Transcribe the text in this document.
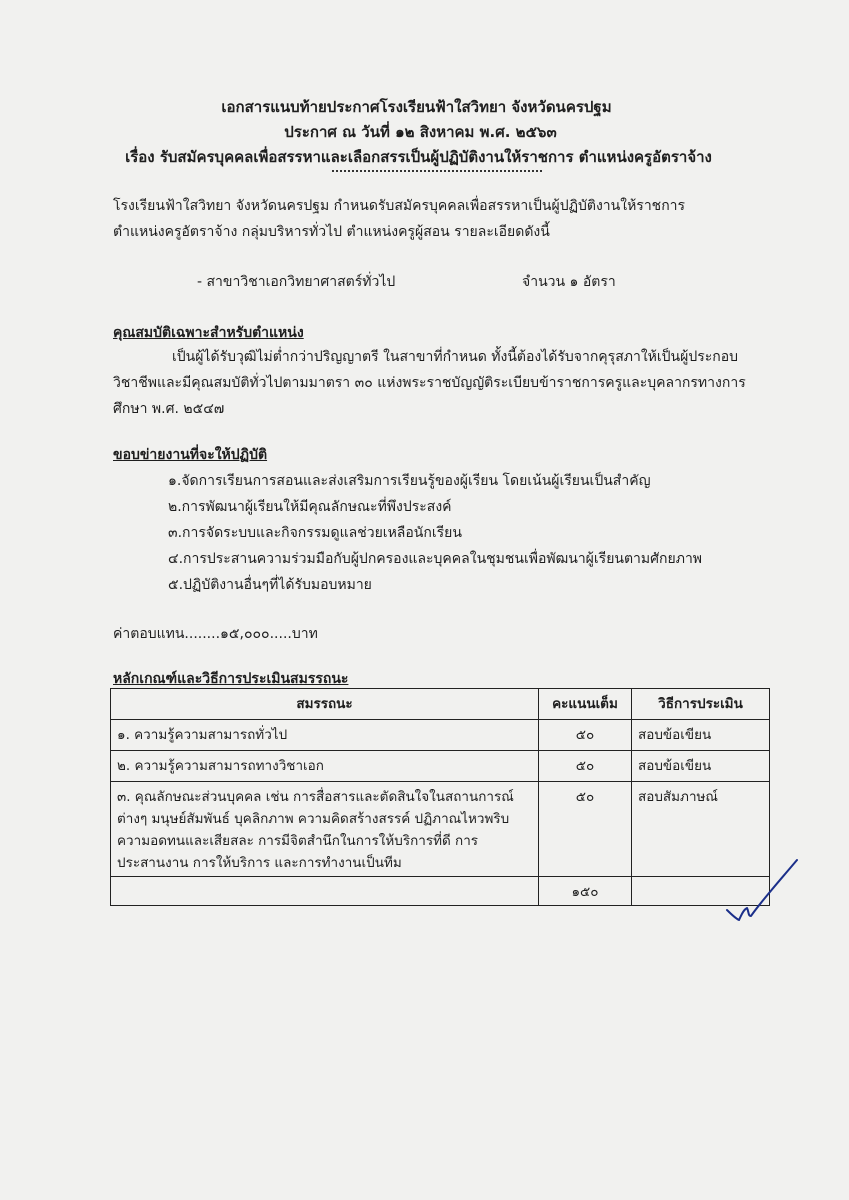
เอกสารแนบท้ายประกาศโรงเรียนฟ้าใสวิทยา จังหวัดนครปฐม
ประกาศ ณ วันที่ ๑๒ สิงหาคม พ.ศ. ๒๕๖๓
เรื่อง รับสมัครบุคคลเพื่อสรรหาและเลือกสรรเป็นผู้ปฏิบัติงานให้ราชการ ตำแหน่งครูอัตราจ้าง
โรงเรียนฟ้าใสวิทยา จังหวัดนครปฐม กำหนดรับสมัครบุคคลเพื่อสรรหาเป็นผู้ปฏิบัติงานให้ราชการ
ตำแหน่งครูอัตราจ้าง กลุ่มบริหารทั่วไป ตำแหน่งครูผู้สอน รายละเอียดดังนี้
- สาขาวิชาเอกวิทยาศาสตร์ทั่วไป	จำนวน ๑ อัตรา
คุณสมบัติเฉพาะสำหรับตำแหน่ง
เป็นผู้ได้รับวุฒิไม่ต่ำกว่าปริญญาตรี ในสาขาที่กำหนด ทั้งนี้ต้องได้รับจากคุรุสภาให้เป็นผู้ประกอบ
วิชาชีพและมีคุณสมบัติทั่วไปตามมาตรา ๓๐ แห่งพระราชบัญญัติระเบียบข้าราชการครูและบุคลากรทางการ
ศึกษา พ.ศ. ๒๕๔๗
ขอบข่ายงานที่จะให้ปฏิบัติ
๑.จัดการเรียนการสอนและส่งเสริมการเรียนรู้ของผู้เรียน โดยเน้นผู้เรียนเป็นสำคัญ
๒.การพัฒนาผู้เรียนให้มีคุณลักษณะที่พึงประสงค์
๓.การจัดระบบและกิจกรรมดูแลช่วยเหลือนักเรียน
๔.การประสานความร่วมมือกับผู้ปกครองและบุคคลในชุมชนเพื่อพัฒนาผู้เรียนตามศักยภาพ
๕.ปฏิบัติงานอื่นๆที่ได้รับมอบหมาย
ค่าตอบแทน........๑๕,๐๐๐.....บาท
หลักเกณฑ์และวิธีการประเมินสมรรถนะ
สมรรถนะ	คะแนนเต็ม	วิธีการประเมิน
๑. ความรู้ความสามารถทั่วไป	๕๐	สอบข้อเขียน
๒. ความรู้ความสามารถทางวิชาเอก	๕๐	สอบข้อเขียน

๓. คุณลักษณะส่วนบุคคล เช่น การสื่อสารและตัดสินใจในสถานการณ์
ต่างๆ มนุษย์สัมพันธ์ บุคลิกภาพ ความคิดสร้างสรรค์ ปฏิภาณไหวพริบ
ความอดทนและเสียสละ การมีจิตสำนึกในการให้บริการที่ดี การ
ประสานงาน การให้บริการ และการทำงานเป็นทีม	๕๐	สอบสัมภาษณ์
	๑๕๐	
